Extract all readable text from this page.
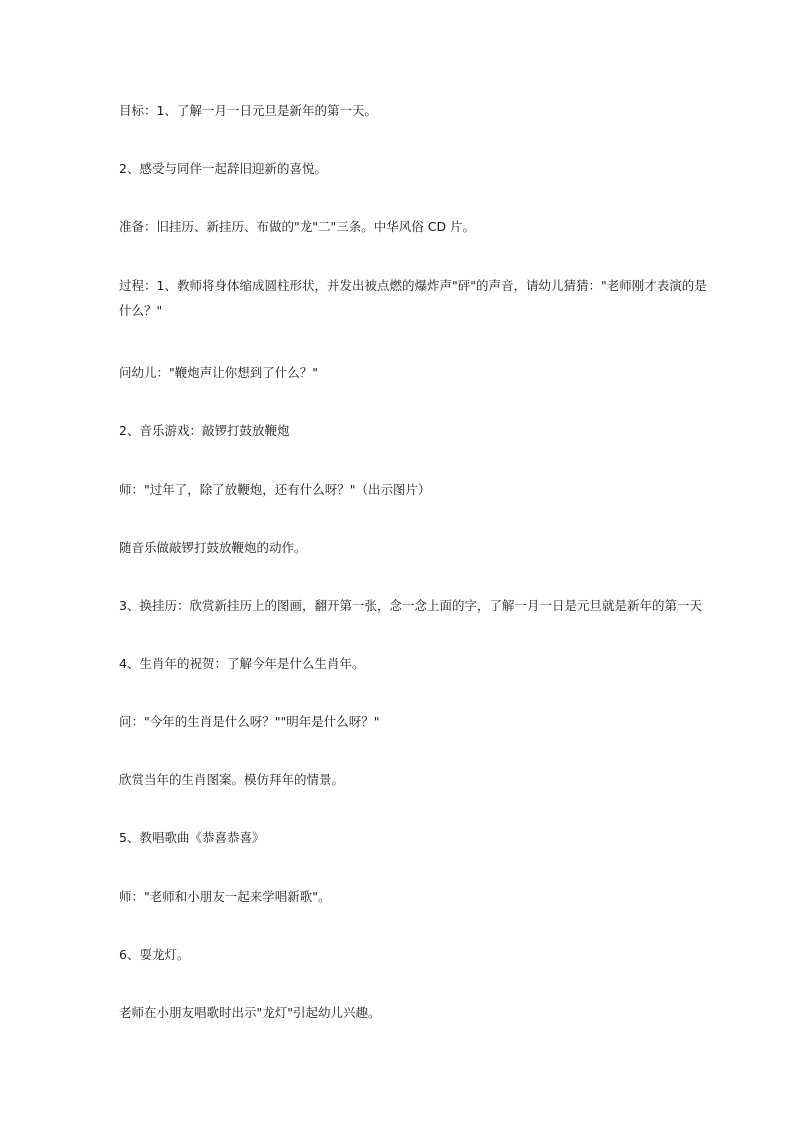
目标：1、了解一月一日元旦是新年的第一天。

2、感受与同伴一起辞旧迎新的喜悦。

准备：旧挂历、新挂历、布做的"龙"二"三条。中华风俗 CD 片。

过程：1、教师将身体缩成圆柱形状，并发出被点燃的爆炸声"砰"的声音，请幼儿猜猜："老师刚才表演的是什么？"

问幼儿："鞭炮声让你想到了什么？"

2、音乐游戏：敲锣打鼓放鞭炮

师："过年了，除了放鞭炮，还有什么呀？"（出示图片）

随音乐做敲锣打鼓放鞭炮的动作。

3、换挂历：欣赏新挂历上的图画，翻开第一张，念一念上面的字，了解一月一日是元旦就是新年的第一天

4、生肖年的祝贺：了解今年是什么生肖年。

问："今年的生肖是什么呀？""明年是什么呀？"

欣赏当年的生肖图案。模仿拜年的情景。

5、教唱歌曲《恭喜恭喜》

师："老师和小朋友一起来学唱新歌"。

6、耍龙灯。

老师在小朋友唱歌时出示"龙灯"引起幼儿兴趣。
